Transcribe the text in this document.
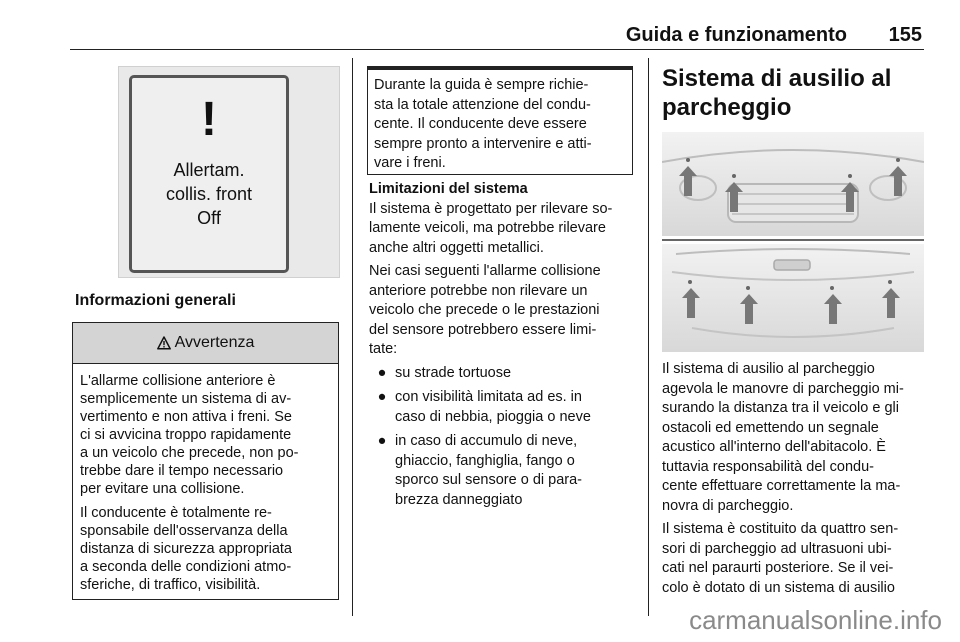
Guida e funzionamento 155
!
Allertam.
collis. front
Off
Informazioni generali
Avvertenza

L'allarme collisione anteriore è
semplicemente un sistema di av-
vertimento e non attiva i freni. Se
ci si avvicina troppo rapidamente
a un veicolo che precede, non po-
trebbe dare il tempo necessario
per evitare una collisione.

Il conducente è totalmente re-
sponsabile dell'osservanza della
distanza di sicurezza appropriata
a seconda delle condizioni atmo-
sferiche, di traffico, visibilità.

Durante la guida è sempre richie-
sta la totale attenzione del condu-
cente. Il conducente deve essere
sempre pronto a intervenire e atti-
vare i freni.

Limitazioni del sistema

Il sistema è progettato per rilevare so-
lamente veicoli, ma potrebbe rilevare
anche altri oggetti metallici.

Nei casi seguenti l'allarme collisione
anteriore potrebbe non rilevare un
veicolo che precede o le prestazioni
del sensore potrebbero essere limi-
tate:

● su strade tortuose
● con visibilità limitata ad es. in
caso di nebbia, pioggia o neve
● in caso di accumulo di neve,
ghiaccio, fanghiglia, fango o
sporco sul sensore o di para-
brezza danneggiato
Sistema di ausilio al
parcheggio

Il sistema di ausilio al parcheggio
agevola le manovre di parcheggio mi-
surando la distanza tra il veicolo e gli
ostacoli ed emettendo un segnale
acustico all'interno dell'abitacolo. È
tuttavia responsabilità del condu-
cente effettuare correttamente la ma-
novra di parcheggio.

Il sistema è costituito da quattro sen-
sori di parcheggio ad ultrasuoni ubi-
cati nel paraurti posteriore. Se il vei-
colo è dotato di un sistema di ausilio

carmanualsonline.info
